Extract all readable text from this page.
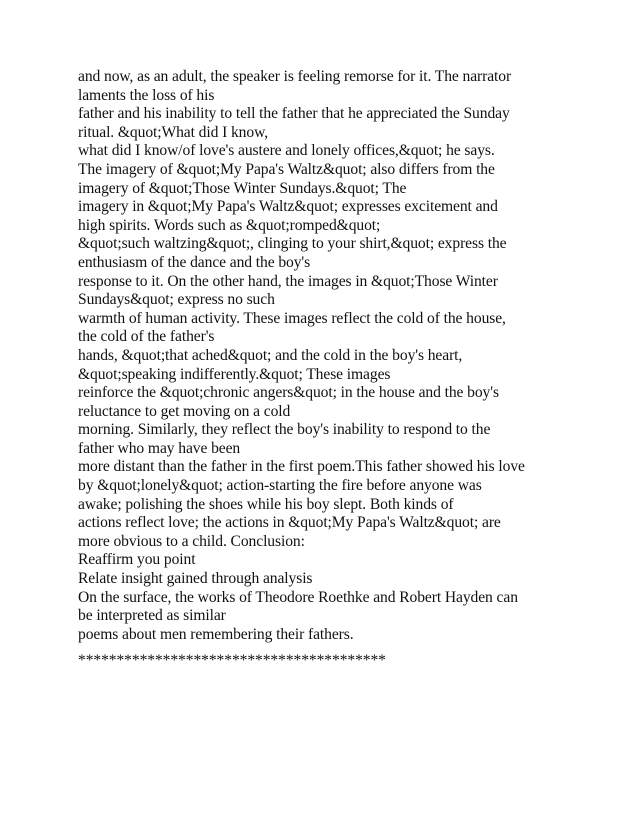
and now, as an adult, the speaker is feeling remorse for it. The narrator
laments the loss of his
father and his inability to tell the father that he appreciated the Sunday
ritual. &quot;What did I know,
what did I know/of love's austere and lonely offices,&quot; he says.
The imagery of &quot;My Papa's Waltz&quot; also differs from the
imagery of &quot;Those Winter Sundays.&quot; The
imagery in &quot;My Papa's Waltz&quot; expresses excitement and
high spirits. Words such as &quot;romped&quot;
&quot;such waltzing&quot;, clinging to your shirt,&quot; express the
enthusiasm of the dance and the boy's
response to it. On the other hand, the images in &quot;Those Winter
Sundays&quot; express no such
warmth of human activity. These images reflect the cold of the house,
the cold of the father's
hands, &quot;that ached&quot; and the cold in the boy's heart,
&quot;speaking indifferently.&quot; These images
reinforce the &quot;chronic angers&quot; in the house and the boy's
reluctance to get moving on a cold
morning. Similarly, they reflect the boy's inability to respond to the
father who may have been
more distant than the father in the first poem.This father showed his love
by &quot;lonely&quot; action-starting the fire before anyone was
awake; polishing the shoes while his boy slept. Both kinds of
actions reflect love; the actions in &quot;My Papa's Waltz&quot; are
more obvious to a child. Conclusion:
Reaffirm you point
Relate insight gained through analysis
On the surface, the works of Theodore Roethke and Robert Hayden can
be interpreted as similar
poems about men remembering their fathers.
****************************************
